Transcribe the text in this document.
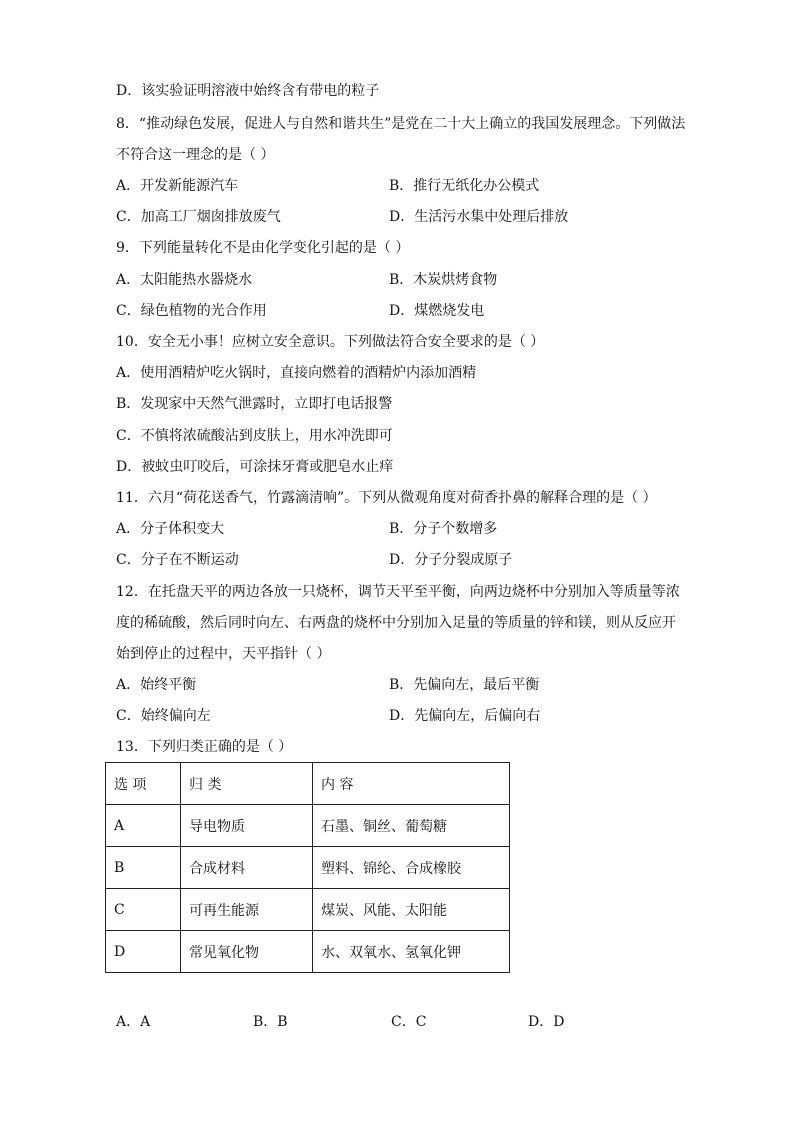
D．该实验证明溶液中始终含有带电的粒子
8．“推动绿色发展，促进人与自然和谐共生”是党在二十大上确立的我国发展理念。下列做法
不符合这一理念的是（ ）
A．开发新能源汽车	B．推行无纸化办公模式
C．加高工厂烟囱排放废气	D．生活污水集中处理后排放
9．下列能量转化不是由化学变化引起的是（ ）
A．太阳能热水器烧水	B．木炭烘烤食物
C．绿色植物的光合作用	D．煤燃烧发电
10．安全无小事！应树立安全意识。下列做法符合安全要求的是（ ）
A．使用酒精炉吃火锅时，直接向燃着的酒精炉内添加酒精
B．发现家中天然气泄露时，立即打电话报警
C．不慎将浓硫酸沾到皮肤上，用水冲洗即可
D．被蚊虫叮咬后，可涂抹牙膏或肥皂水止痒
11．六月“荷花送香气，竹露滴清响”。下列从微观角度对荷香扑鼻的解释合理的是（ ）
A．分子体积变大	B．分子个数增多
C．分子在不断运动	D．分子分裂成原子
12．在托盘天平的两边各放一只烧杯，调节天平至平衡，向两边烧杯中分别加入等质量等浓
度的稀硫酸，然后同时向左、右两盘的烧杯中分别加入足量的等质量的锌和镁，则从反应开
始到停止的过程中，天平指针（ ）
A．始终平衡	B．先偏向左，最后平衡
C．始终偏向左	D．先偏向左，后偏向右
13．下列归类正确的是（ ）
选 项	归 类	内 容
A	导电物质	石墨、铜丝、葡萄糖
B	合成材料	塑料、锦纶、合成橡胶
C	可再生能源	煤炭、风能、太阳能
D	常见氧化物	水、双氧水、氢氧化钾
A．A	B．B	C．C	D．D
